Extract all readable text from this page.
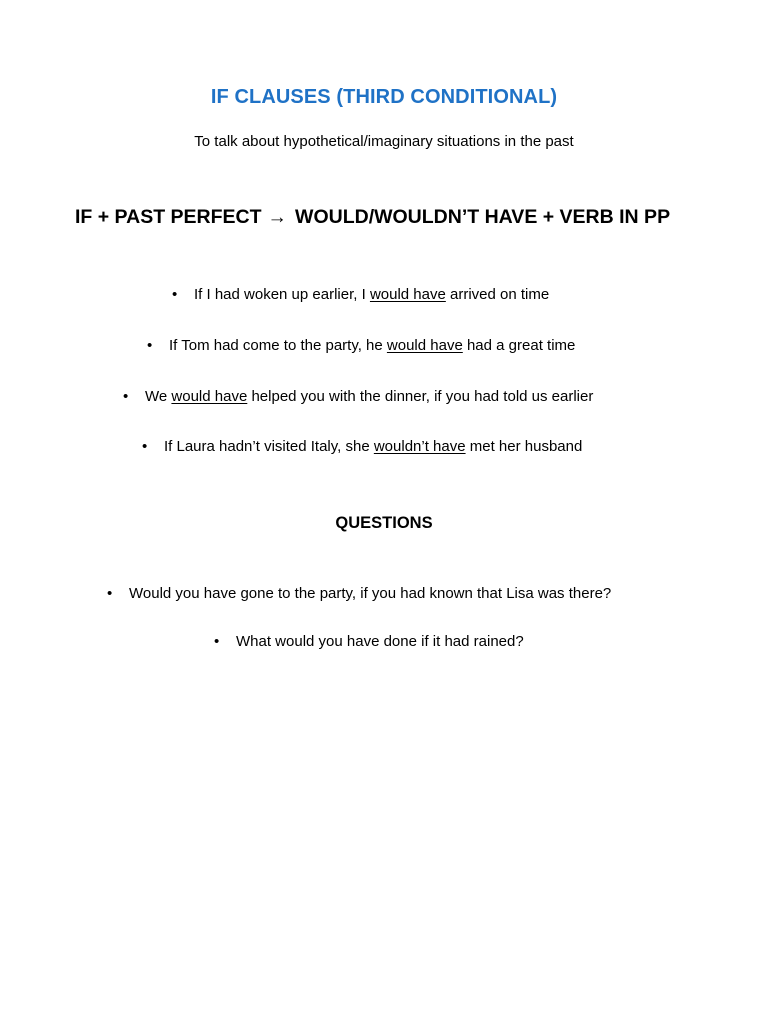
IF CLAUSES (THIRD CONDITIONAL)
To talk about hypothetical/imaginary situations in the past
IF + PAST PERFECT → WOULD/WOULDN’T HAVE + VERB IN PP
• If I had woken up earlier, I would have arrived on time
• If Tom had come to the party, he would have had a great time
• We would have helped you with the dinner, if you had told us earlier
• If Laura hadn’t visited Italy, she wouldn’t have met her husband
QUESTIONS
• Would you have gone to the party, if you had known that Lisa was there?
• What would you have done if it had rained?
